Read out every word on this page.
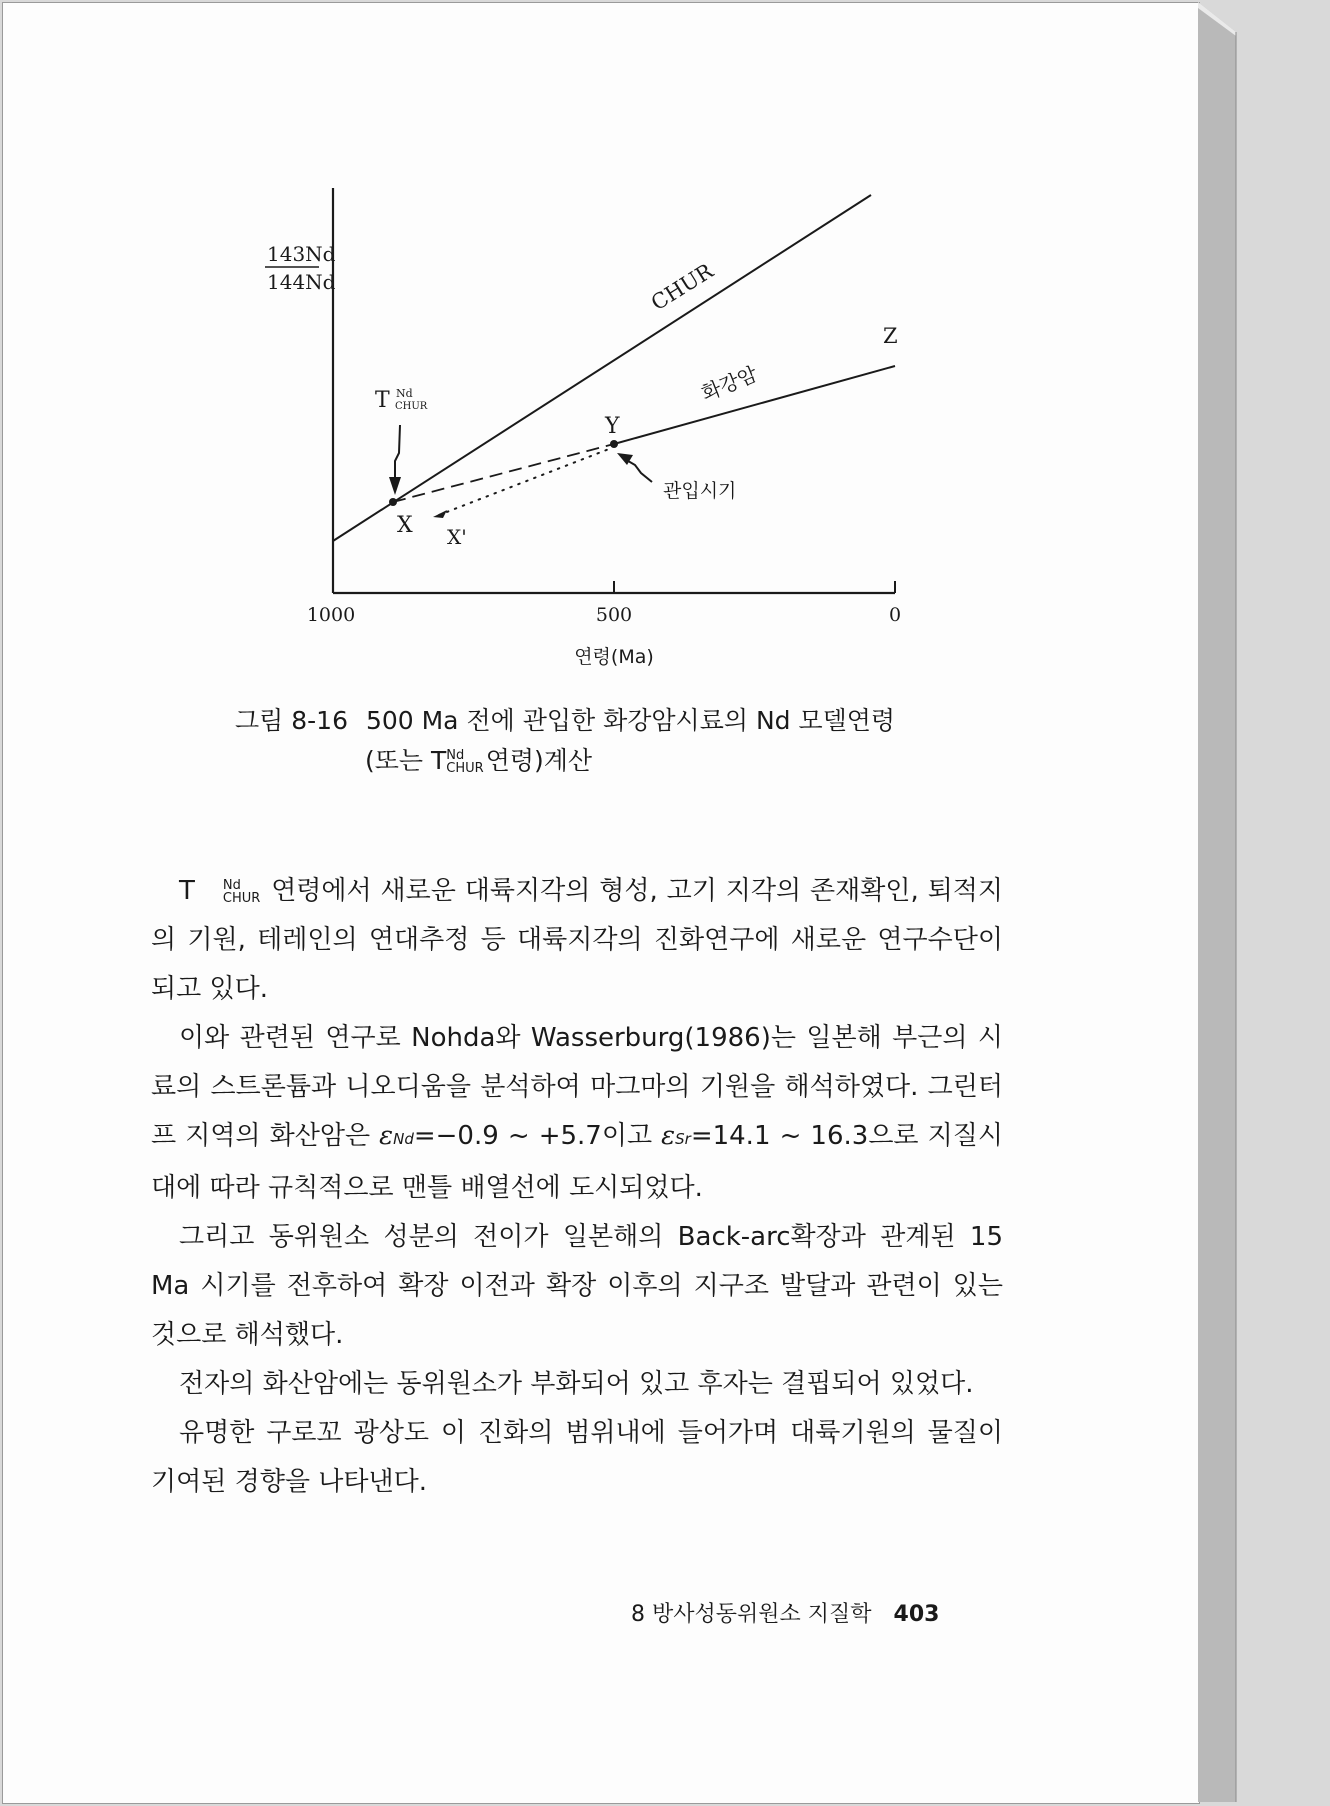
143Nd
144Nd	CHUR
화강암
Z
X X'
Y
T Nd
CHUR
관입시기
1000	500	0
연령(Ma)
그림 8-16 500 Ma 전에 관입한 화강암시료의 Nd 모델연령
(또는 T Nd
CHUR 연령)계산

T	Nd
CHUR 연령에서 새로운 대륙지각의 형성, 고기 지각의 존재확인, 퇴적지의 기원, 테레인의 연대추정 등 대륙지각의 진화연구에 새로운 연구수단이 되고 있다.

이와 관련된 연구로 Nohda와 Wasserburg(1986)는 일본해 부근의 시료의 스트론튬과 니오디움을 분석하여 마그마의 기원을 해석하였다. 그린터프 지역의 화산암은 εNd=−0.9 ~ +5.7이고 εSr=14.1 ~ 16.3으로 지질시대에 따라 규칙적으로 맨틀 배열선에 도시되었다.

그리고 동위원소 성분의 전이가 일본해의 Back-arc확장과 관계된 15 Ma 시기를 전후하여 확장 이전과 확장 이후의 지구조 발달과 관련이 있는 것으로 해석했다.

전자의 화산암에는 동위원소가 부화되어 있고 후자는 결핍되어 있었다.

유명한 구로꼬 광상도 이 진화의 범위내에 들어가며 대륙기원의 물질이 기여된 경향을 나타낸다.

8 방사성동위원소 지질학 403
